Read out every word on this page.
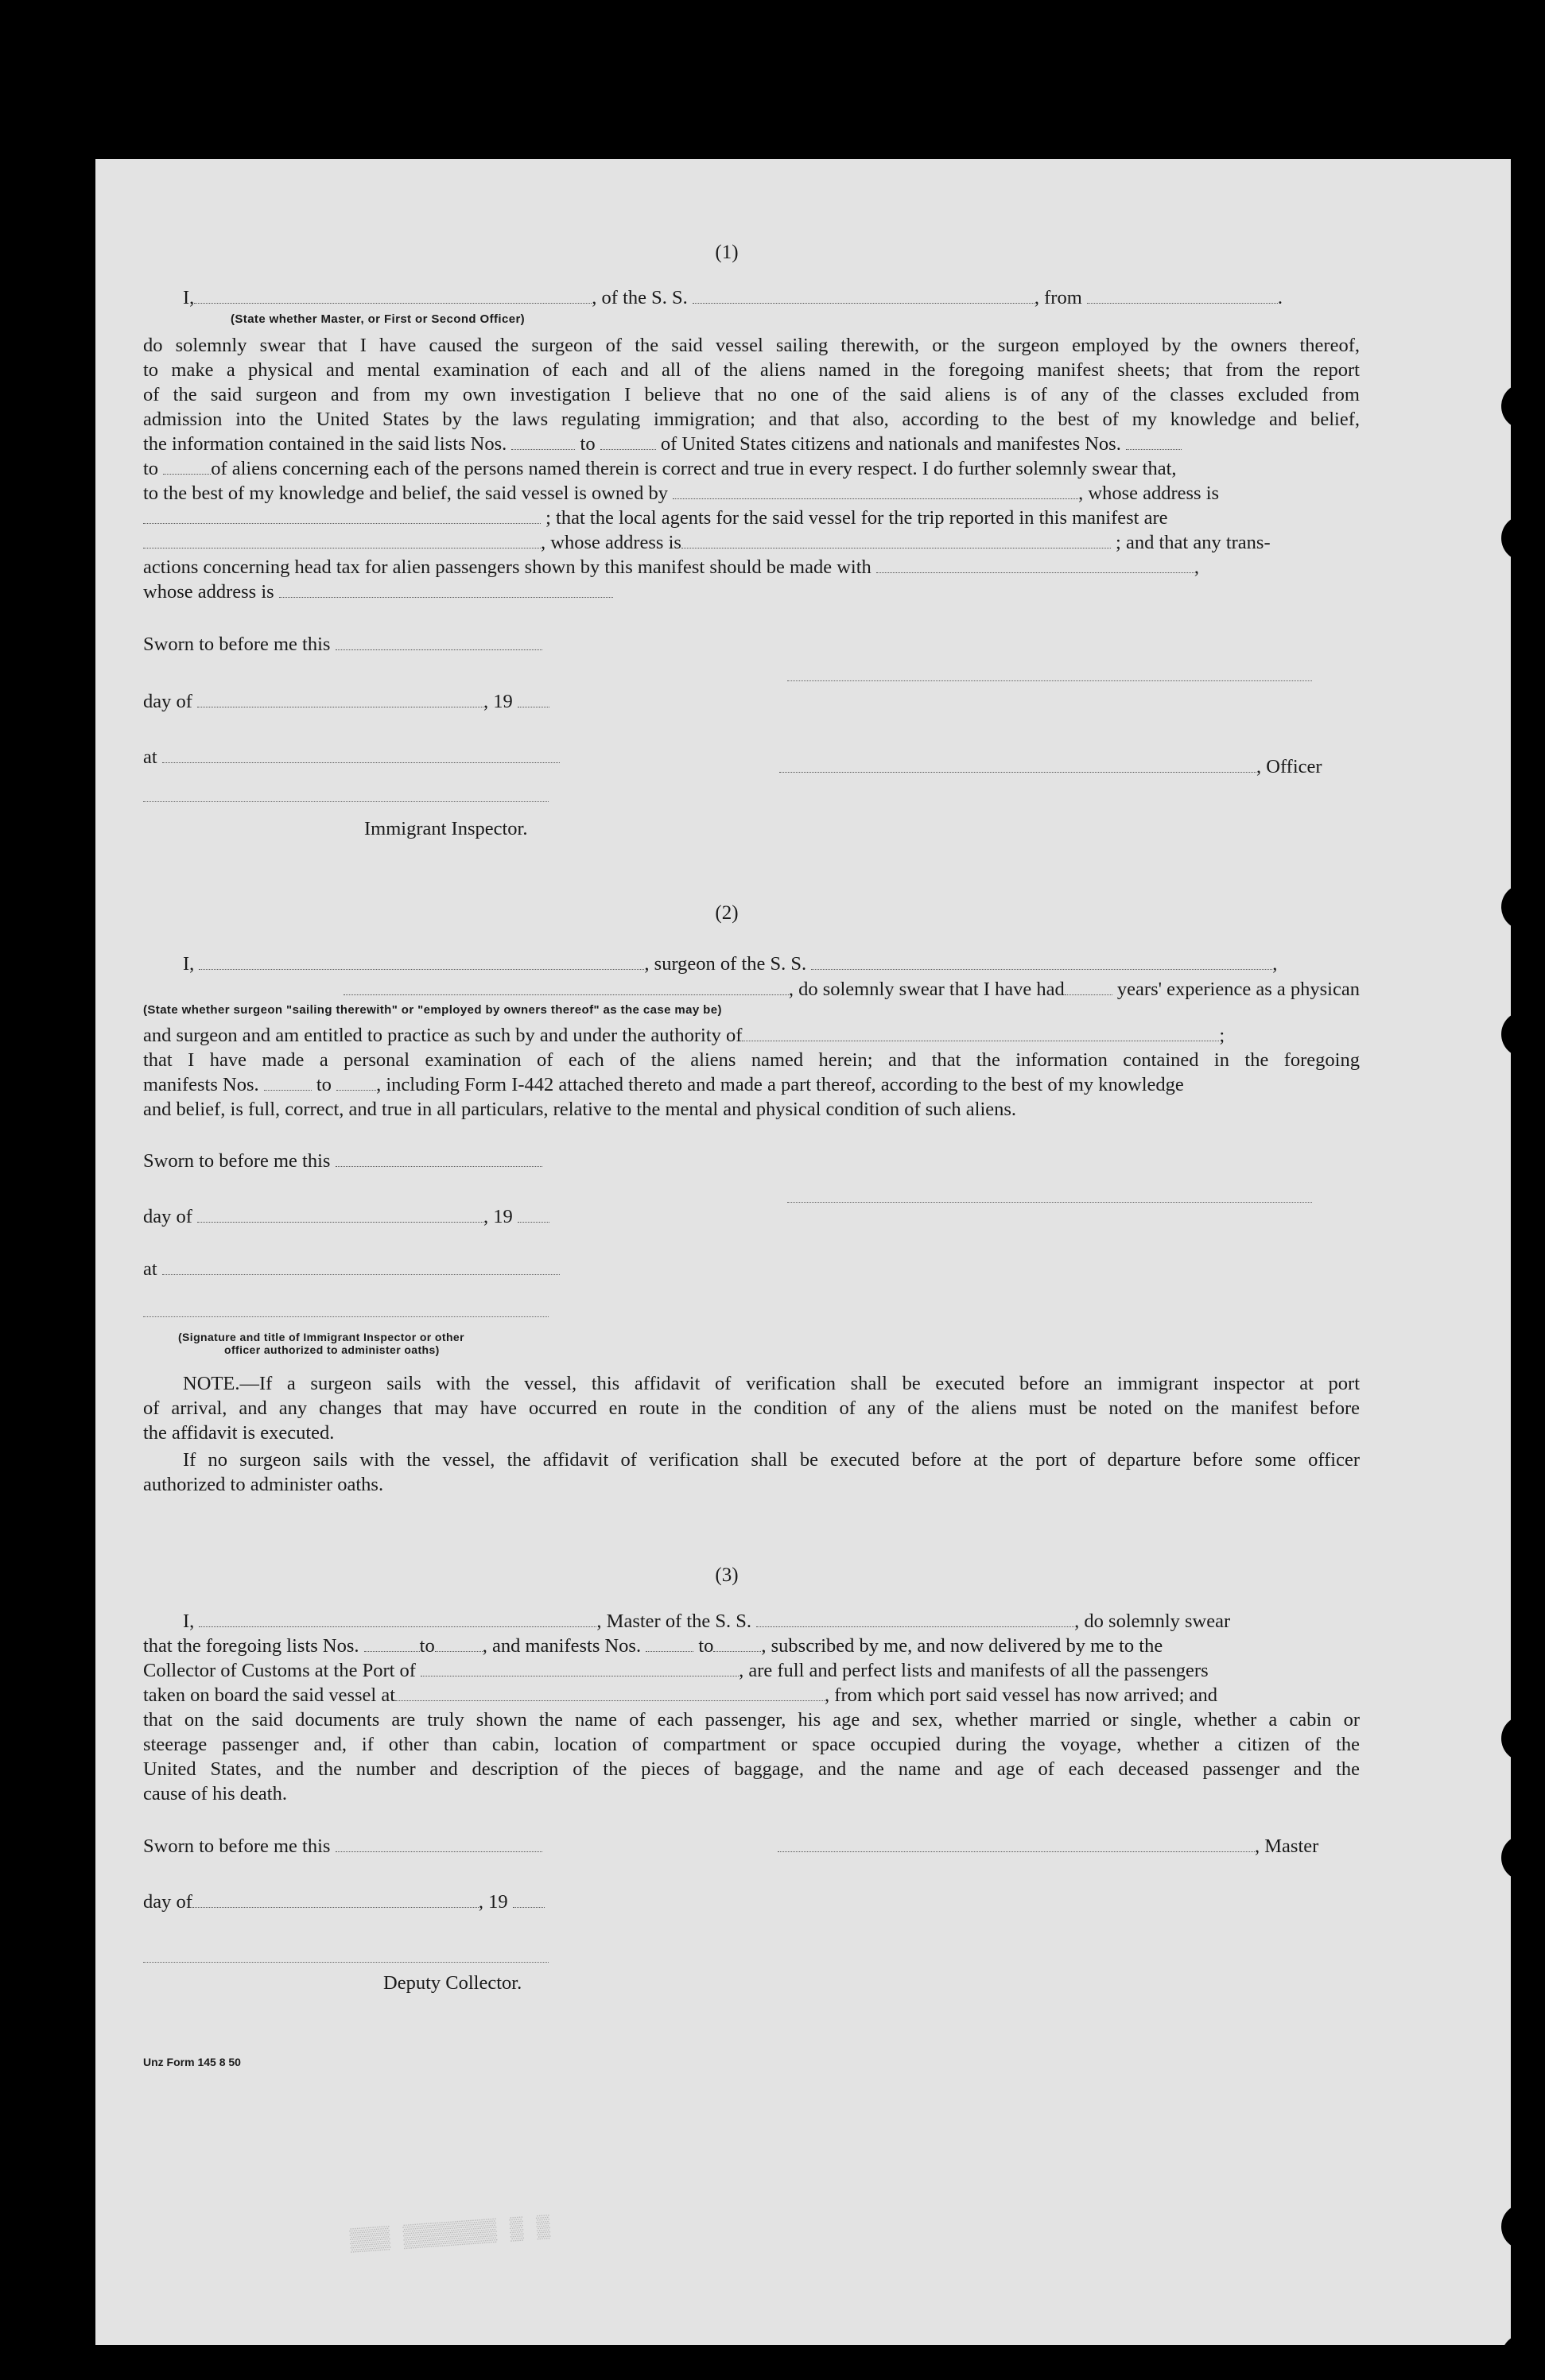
(1)
I,	, of the S. S.	, from	.
(State whether Master, or First or Second Officer)
do solemnly swear that I have caused the surgeon of the said vessel sailing therewith, or the surgeon employed by the owners thereof,
to make a physical and mental examination of each and all of the aliens named in the foregoing manifest sheets; that from the report
of the said surgeon and from my own investigation I believe that no one of the said aliens is of any of the classes excluded from
admission into the United States by the laws regulating immigration; and that also, according to the best of my knowledge and belief,
the information contained in the said lists Nos.	to	of United States citizens and nationals and manifestes Nos.
to	of aliens concerning each of the persons named therein is correct and true in every respect. I do further solemnly swear that,
to the best of my knowledge and belief, the said vessel is owned by	, whose address is
; that the local agents for the said vessel for the trip reported in this manifest are
, whose address is	; and that any trans-
actions concerning head tax for alien passengers shown by this manifest should be made with	,
whose address is
Sworn to before me this
day of	, 19
at	, Officer
Immigrant Inspector.
(2)
I,	, surgeon of the S. S.	,
, do solemnly swear that I have had	years' experience as a physican
(State whether surgeon "sailing therewith" or "employed by owners thereof" as the case may be)
and surgeon and am entitled to practice as such by and under the authority of	;
that I have made a personal examination of each of the aliens named herein; and that the information contained in the foregoing
manifests Nos.	to , including Form I-442 attached thereto and made a part thereof, according to the best of my knowledge
and belief, is full, correct, and true in all particulars, relative to the mental and physical condition of such aliens.
Sworn to before me this
day of	, 19
at
(Signature and title of Immigrant Inspector or other
officer authorized to administer oaths)
NOTE.—If a surgeon sails with the vessel, this affidavit of verification shall be executed before an immigrant inspector at port
of arrival, and any changes that may have occurred en route in the condition of any of the aliens must be noted on the manifest before
the affidavit is executed.
If no surgeon sails with the vessel, the affidavit of verification shall be executed before at the port of departure before some officer
authorized to administer oaths.
(3)
I,	, Master of the S. S.	, do solemnly swear
that the foregoing lists Nos.	to , and manifests Nos.	to , subscribed by me, and now delivered by me to the
Collector of Customs at the Port of	, are full and perfect lists and manifests of all the passengers
taken on board the said vessel at	, from which port said vessel has now arrived; and
that on the said documents are truly shown the name of each passenger, his age and sex, whether married or single, whether a cabin or
steerage passenger and, if other than cabin, location of compartment or space occupied during the voyage, whether a citizen of the
United States, and the number and description of the pieces of baggage, and the name and age of each deceased passenger and the
cause of his death.
Sworn to before me this	, Master
day of	, 19
Deputy Collector.
Unz Form 145 8 50
▒▒▒ ▒▒▒▒▒▒▒ ▒ ▒
